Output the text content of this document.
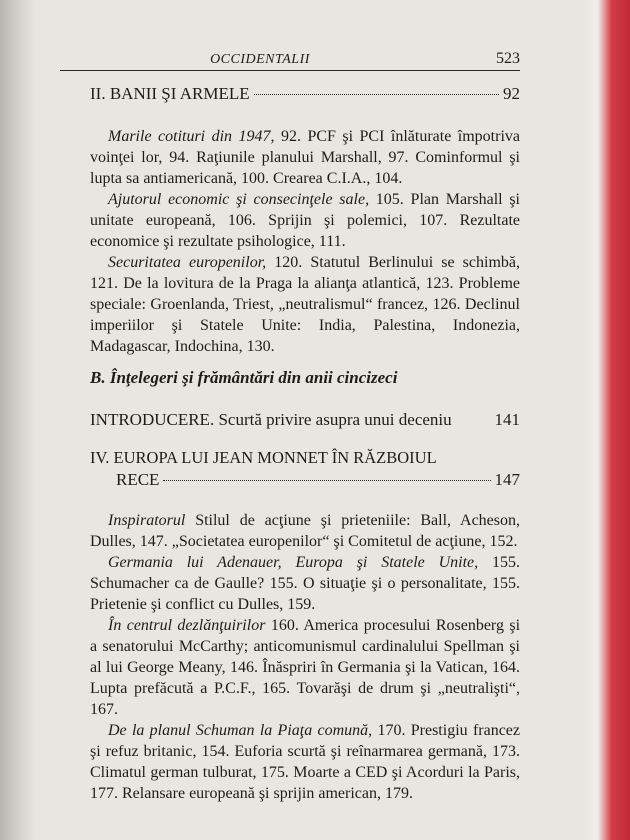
OCCIDENTALII	523
II. BANII ŞI ARMELE	92

Marile cotituri din 1947, 92. PCF şi PCI înlăturate împotriva voinţei lor, 94. Raţiunile planului Marshall, 97. Cominformul şi lupta sa antiamericană, 100. Crearea C.I.A., 104.

Ajutorul economic şi consecinţele sale, 105. Plan Marshall şi unitate europeană, 106. Sprijin şi polemici, 107. Rezultate economice şi rezultate psihologice, 111.

Securitatea europenilor, 120. Statutul Berlinului se schimbă, 121. De la lovitura de la Praga la alianţa atlantică, 123. Probleme speciale: Groenlanda, Triest, „neutralismul“ francez, 126. Declinul imperiilor şi Statele Unite: India, Palestina, Indonezia, Madagascar, Indochina, 130.

B. Înţelegeri şi frământări din anii cincizeci

INTRODUCERE. Scurtă privire asupra unui deceniu	141

IV. EUROPA LUI JEAN MONNET ÎN RĂZBOIUL

RECE	147

Inspiratorul Stilul de acţiune şi prieteniile: Ball, Acheson, Dulles, 147. „Societatea europenilor“ şi Comitetul de acţiune, 152.

Germania lui Adenauer, Europa şi Statele Unite, 155. Schumacher ca de Gaulle? 155. O situaţie şi o personalitate, 155. Prietenie şi conflict cu Dulles, 159.

În centrul dezlănţuirilor 160. America procesului Rosenberg şi a senatorului McCarthy; anticomunismul cardinalului Spellman şi al lui George Meany, 146. Înăspriri în Germania şi la Vatican, 164. Lupta prefăcută a P.C.F., 165. Tovarăşi de drum şi „neutralişti“, 167.

De la planul Schuman la Piaţa comună, 170. Prestigiu francez şi refuz britanic, 154. Euforia scurtă şi reînarmarea germană, 173. Climatul german tulburat, 175. Moarte a CED şi Acorduri la Paris, 177. Relansare europeană şi sprijin american, 179.
